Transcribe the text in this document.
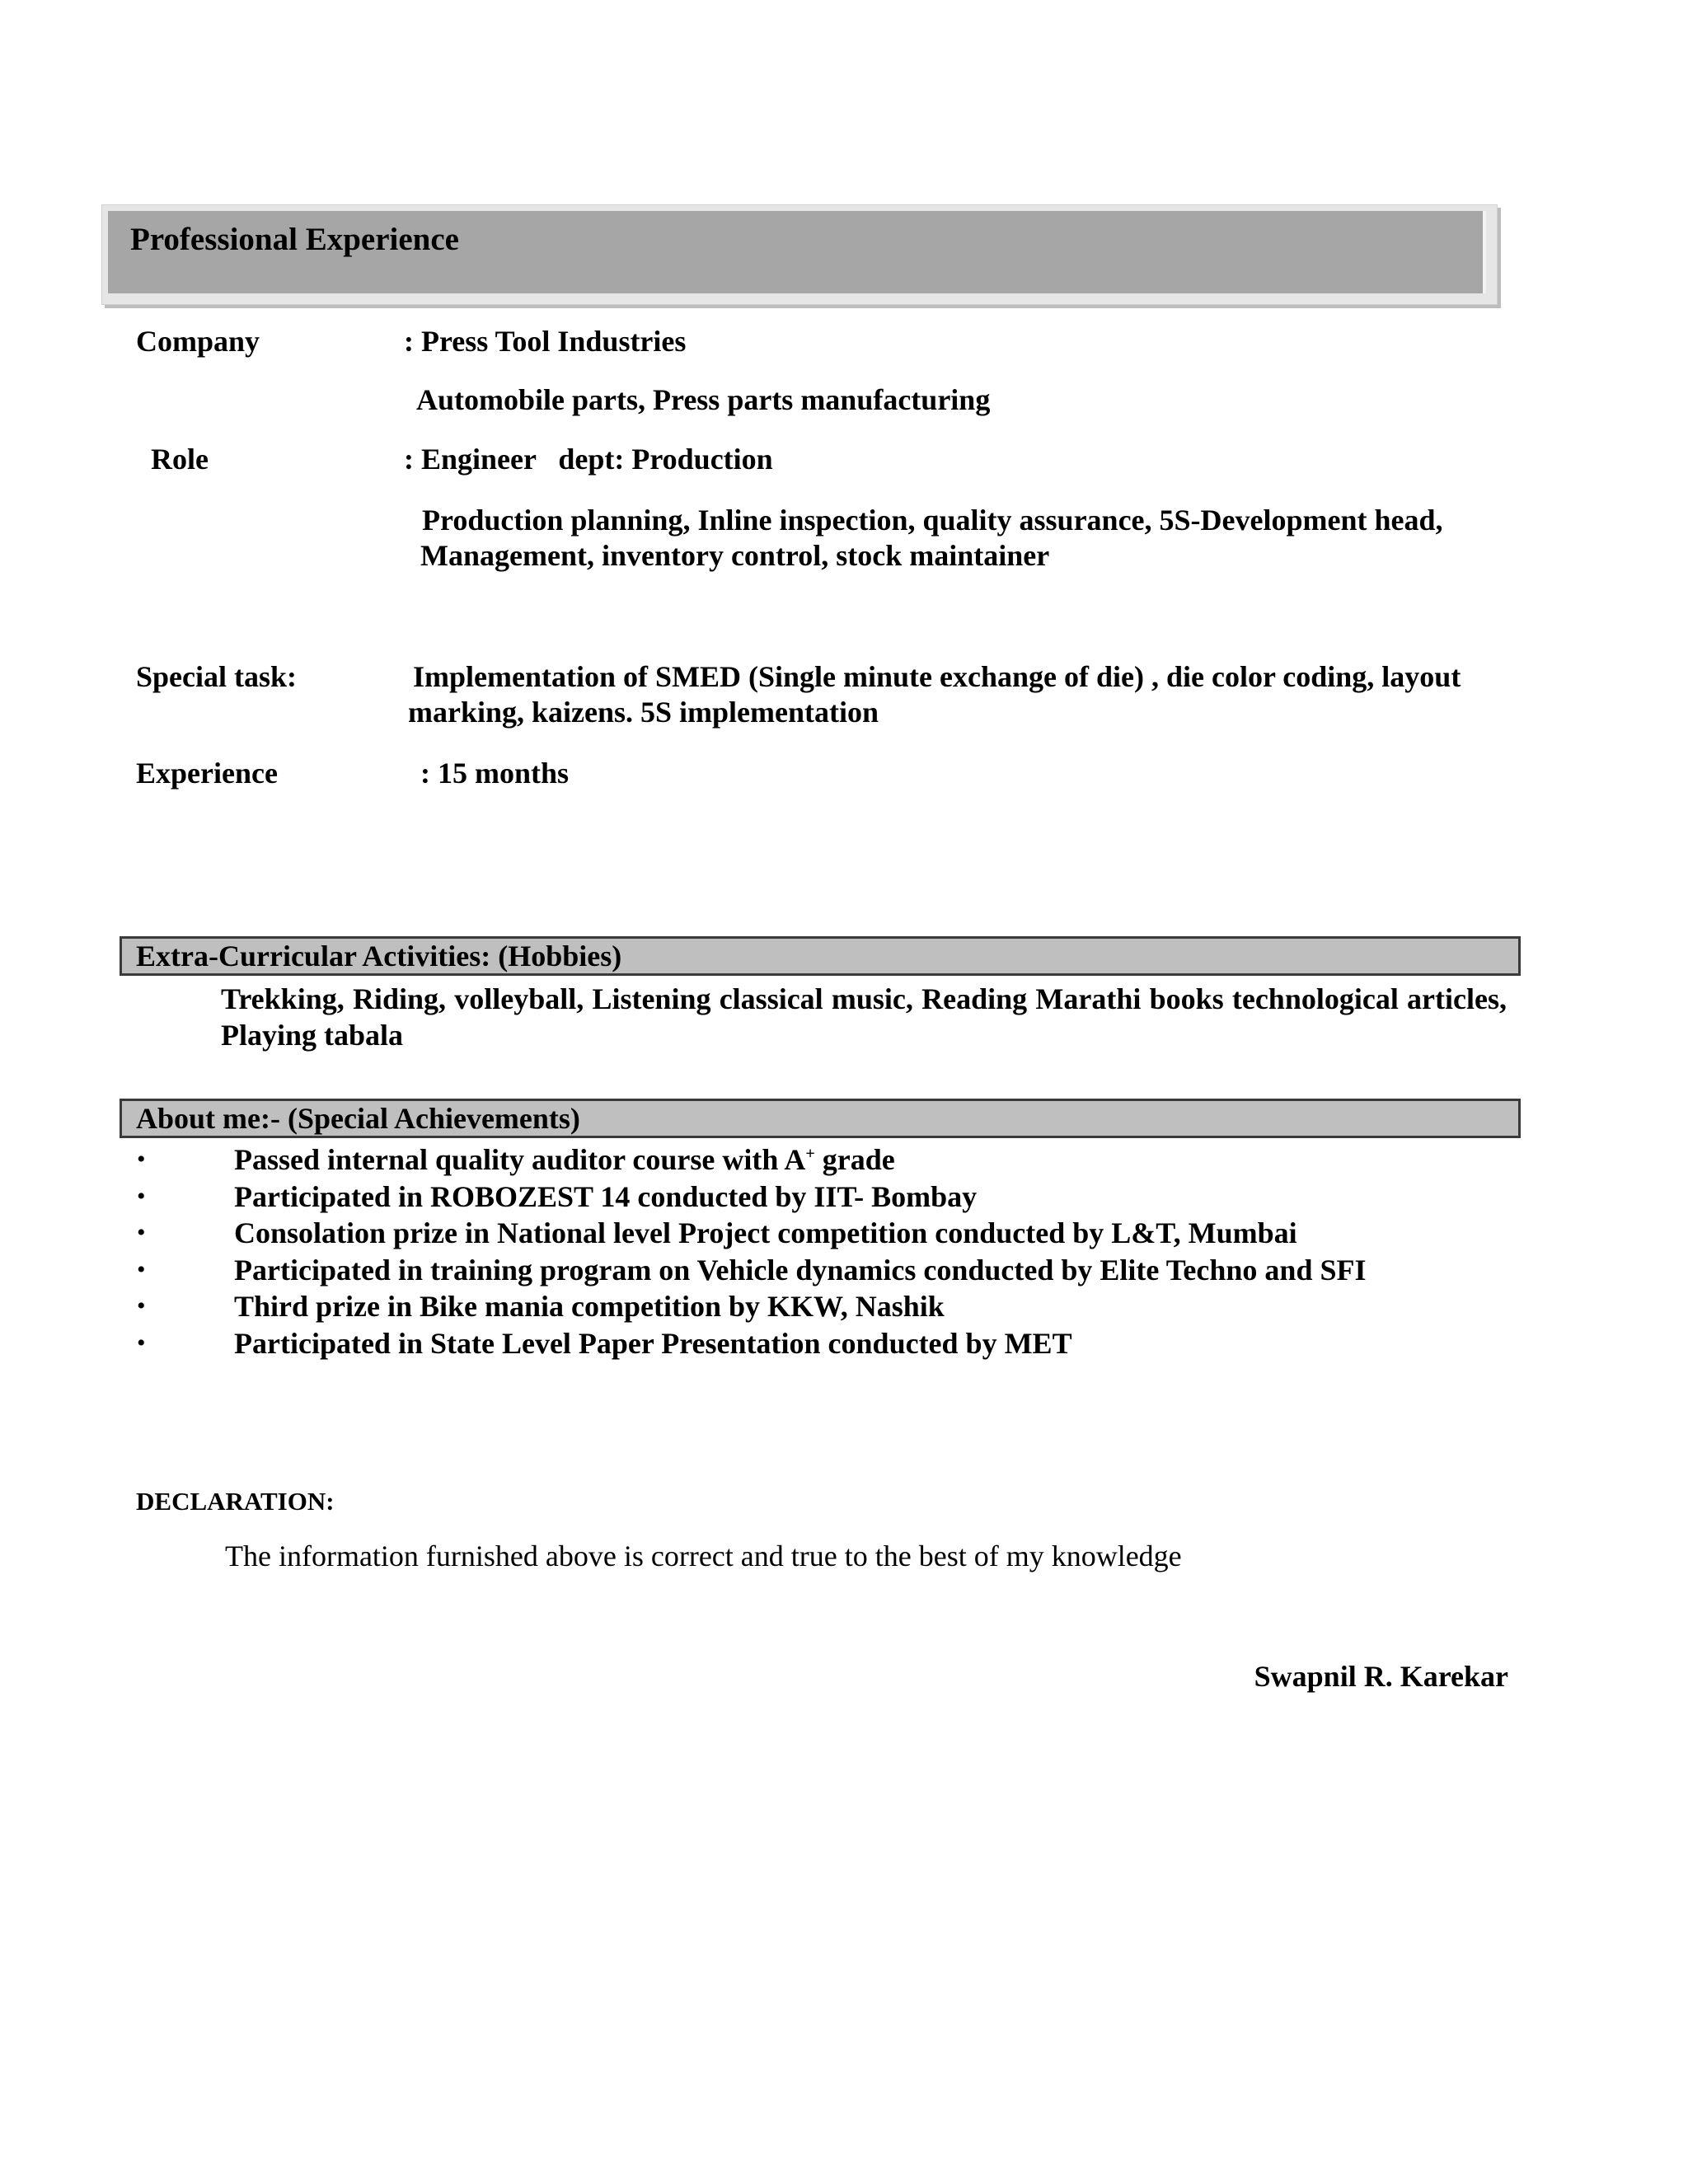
Professional Experience
Company	: Press Tool Industries
Automobile parts, Press parts manufacturing
Role	: Engineer   dept: Production
Production planning, Inline inspection, quality assurance, 5S-Development head,
Management, inventory control, stock maintainer
Special task:	Implementation of SMED (Single minute exchange of die) , die color coding, layout
marking, kaizens. 5S implementation
Experience	: 15 months
Extra-Curricular Activities: (Hobbies)
Trekking, Riding, volleyball, Listening classical music, Reading Marathi books technological articles, Playing tabala
About me:- (Special Achievements)
•	Passed internal quality auditor course with A+ grade
•	Participated in ROBOZEST 14 conducted by IIT- Bombay
•	Consolation prize in National level Project competition conducted by L&T, Mumbai
•	Participated in training program on Vehicle dynamics conducted by Elite Techno and SFI
•	Third prize in Bike mania competition by KKW, Nashik
•	Participated in State Level Paper Presentation conducted by MET
DECLARATION:
The information furnished above is correct and true to the best of my knowledge
Swapnil R. Karekar
